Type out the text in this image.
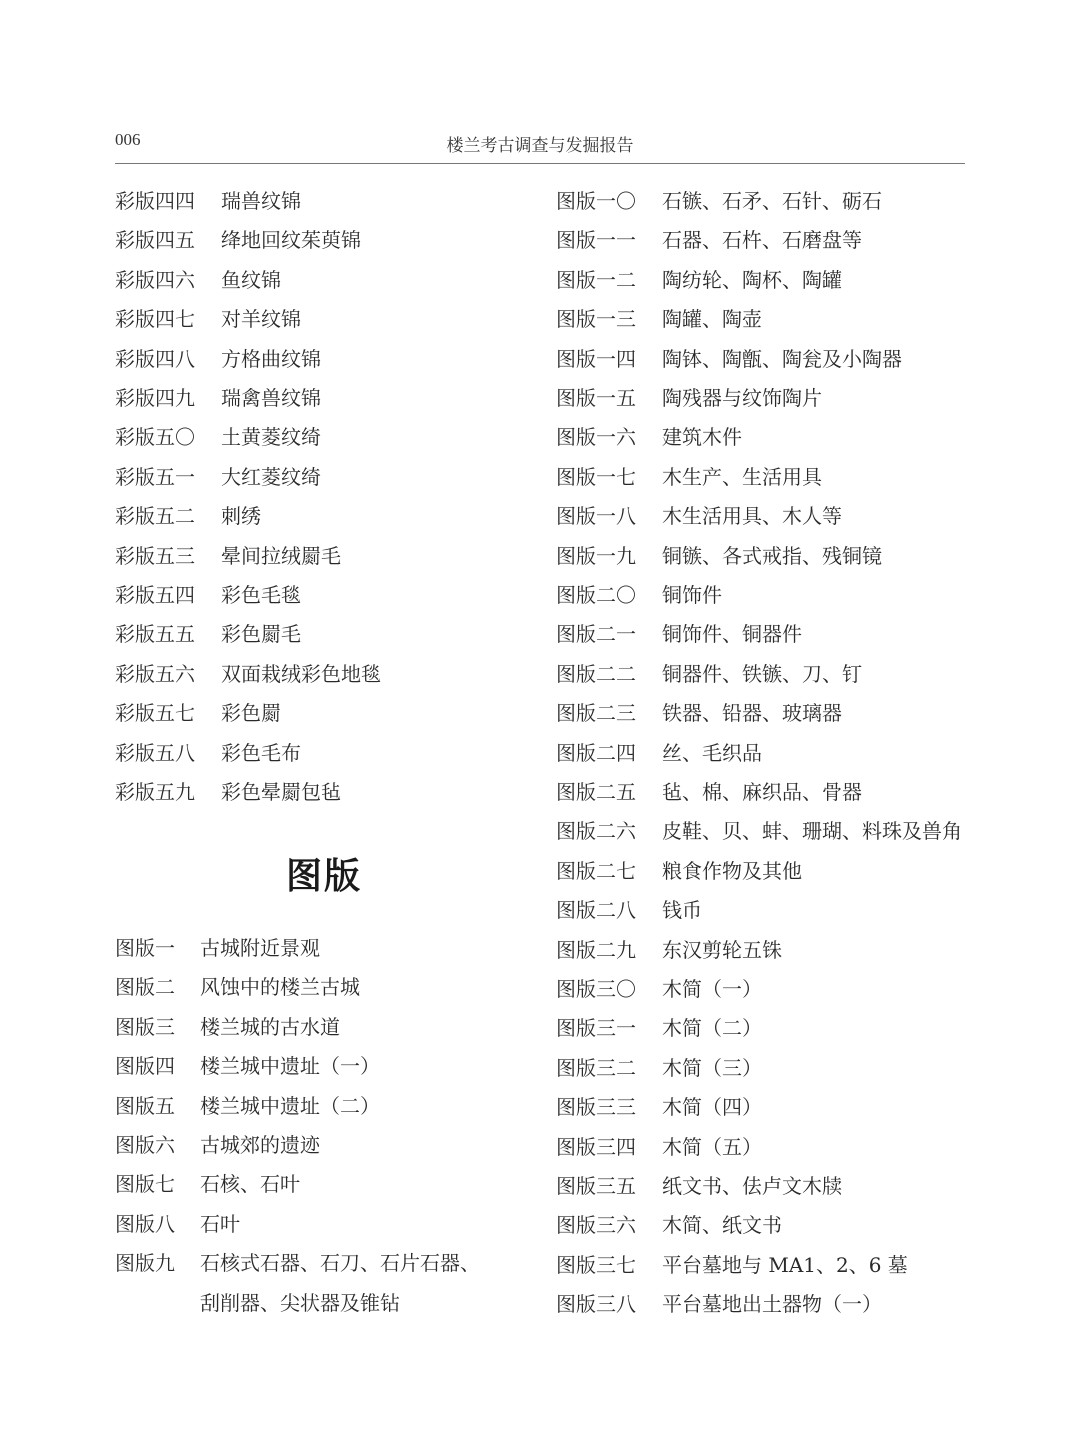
006	楼兰考古调查与发掘报告
彩版四四 瑞兽纹锦
彩版四五 绛地回纹茱萸锦
彩版四六 鱼纹锦
彩版四七 对羊纹锦
彩版四八 方格曲纹锦
彩版四九 瑞禽兽纹锦
彩版五〇 土黄菱纹绮
彩版五一 大红菱纹绮
彩版五二 刺绣
彩版五三 晕间拉绒罽毛
彩版五四 彩色毛毯
彩版五五 彩色罽毛
彩版五六 双面栽绒彩色地毯
彩版五七 彩色罽
彩版五八 彩色毛布
彩版五九 彩色晕罽包毡
图版
图版一 古城附近景观
图版二 风蚀中的楼兰古城
图版三 楼兰城的古水道
图版四 楼兰城中遗址（一）
图版五 楼兰城中遗址（二）
图版六 古城郊的遗迹
图版七 石核、石叶
图版八 石叶
图版九 石核式石器、石刀、石片石器、
刮削器、尖状器及锥钻
图版一〇 石镞、石矛、石针、砺石
图版一一 石器、石杵、石磨盘等
图版一二 陶纺轮、陶杯、陶罐
图版一三 陶罐、陶壶
图版一四 陶钵、陶甑、陶瓮及小陶器
图版一五 陶残器与纹饰陶片
图版一六 建筑木件
图版一七 木生产、生活用具
图版一八 木生活用具、木人等
图版一九 铜镞、各式戒指、残铜镜
图版二〇 铜饰件
图版二一 铜饰件、铜器件
图版二二 铜器件、铁镞、刀、钉
图版二三 铁器、铅器、玻璃器
图版二四 丝、毛织品
图版二五 毡、棉、麻织品、骨器
图版二六 皮鞋、贝、蚌、珊瑚、料珠及兽角
图版二七 粮食作物及其他
图版二八 钱币
图版二九 东汉剪轮五铢
图版三〇 木简（一）
图版三一 木简（二）
图版三二 木简（三）
图版三三 木简（四）
图版三四 木简（五）
图版三五 纸文书、佉卢文木牍
图版三六 木简、纸文书
图版三七 平台墓地与 MA1、2、6 墓
图版三八 平台墓地出土器物（一）
